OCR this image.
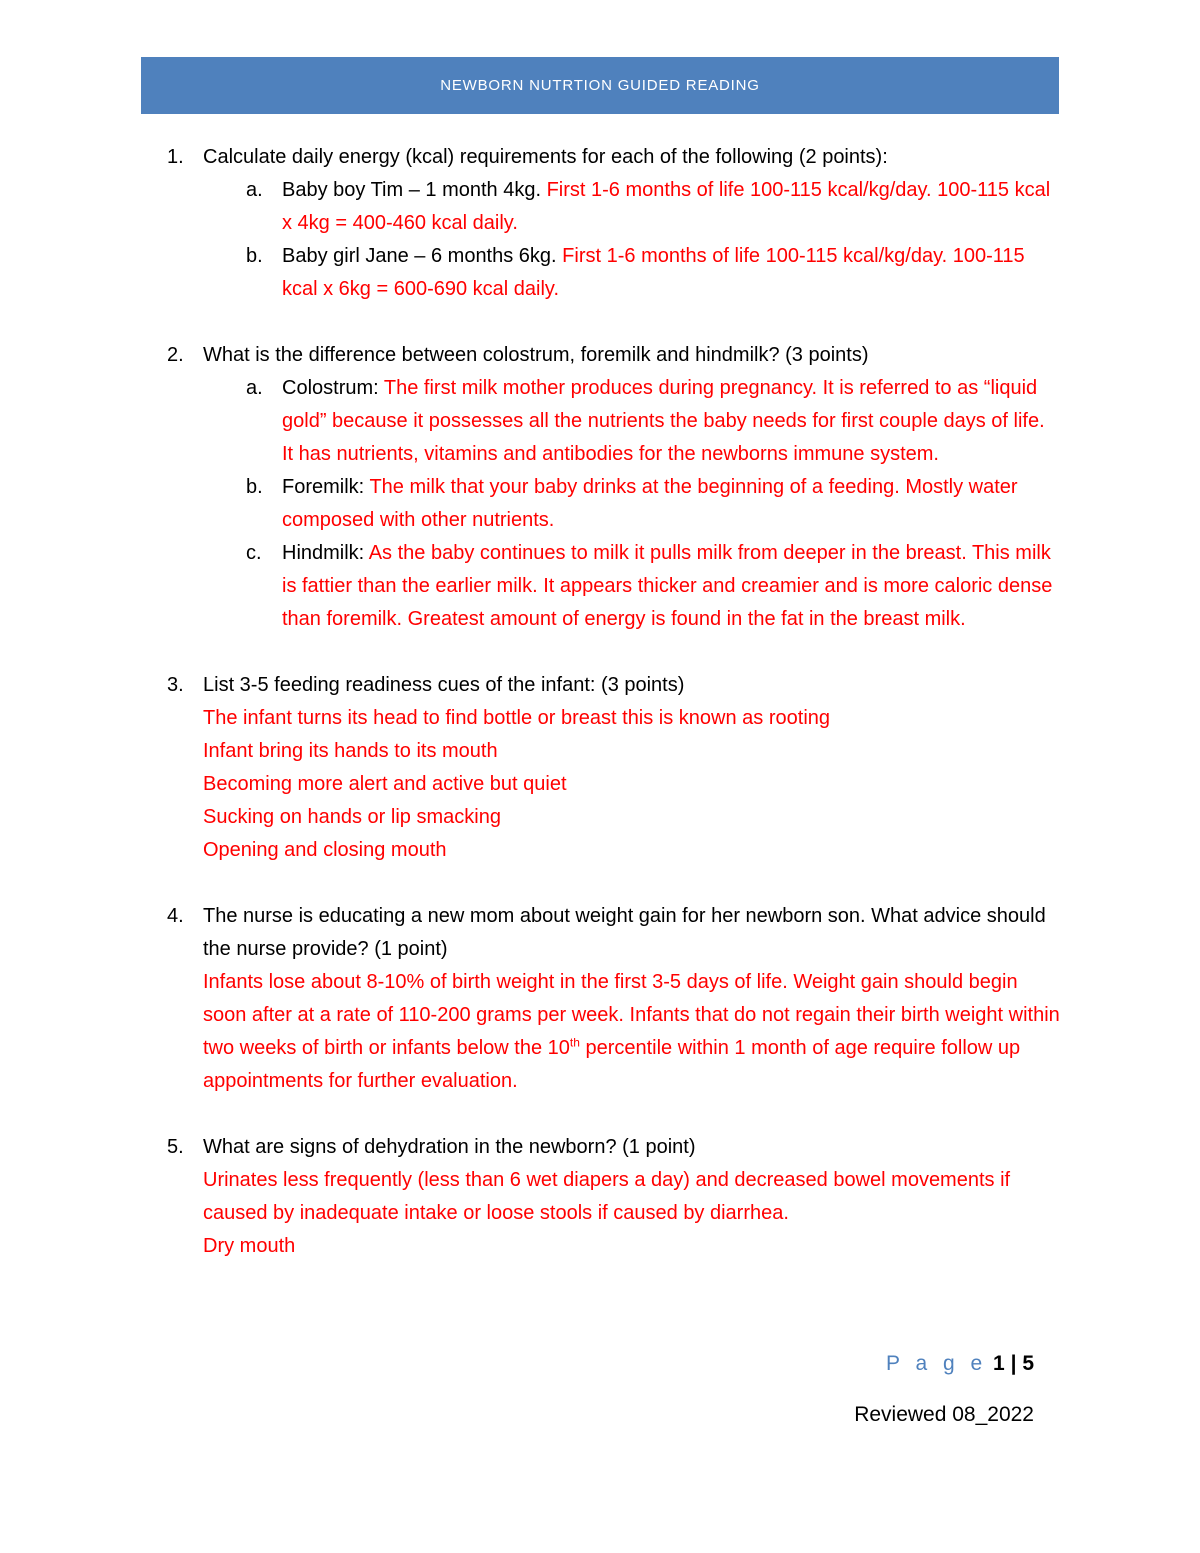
NEWBORN NUTRTION GUIDED READING
1. Calculate daily energy (kcal) requirements for each of the following (2 points):
a. Baby boy Tim – 1 month 4kg. First 1-6 months of life 100-115 kcal/kg/day. 100-115 kcal x 4kg = 400-460 kcal daily.
b. Baby girl Jane – 6 months 6kg. First 1-6 months of life 100-115 kcal/kg/day. 100-115 kcal x 6kg = 600-690 kcal daily.
2. What is the difference between colostrum, foremilk and hindmilk? (3 points)
a. Colostrum: The first milk mother produces during pregnancy. It is referred to as “liquid gold” because it possesses all the nutrients the baby needs for first couple days of life. It has nutrients, vitamins and antibodies for the newborns immune system.
b. Foremilk: The milk that your baby drinks at the beginning of a feeding. Mostly water composed with other nutrients.
c. Hindmilk: As the baby continues to milk it pulls milk from deeper in the breast. This milk is fattier than the earlier milk. It appears thicker and creamier and is more caloric dense than foremilk. Greatest amount of energy is found in the fat in the breast milk.
3. List 3-5 feeding readiness cues of the infant: (3 points)
The infant turns its head to find bottle or breast this is known as rooting
Infant bring its hands to its mouth
Becoming more alert and active but quiet
Sucking on hands or lip smacking
Opening and closing mouth
4. The nurse is educating a new mom about weight gain for her newborn son. What advice should the nurse provide? (1 point)
Infants lose about 8-10% of birth weight in the first 3-5 days of life. Weight gain should begin soon after at a rate of 110-200 grams per week. Infants that do not regain their birth weight within two weeks of birth or infants below the 10th percentile within 1 month of age require follow up appointments for further evaluation.
5. What are signs of dehydration in the newborn? (1 point)
Urinates less frequently (less than 6 wet diapers a day) and decreased bowel movements if caused by inadequate intake or loose stools if caused by diarrhea.
Dry mouth
P a g e 1 | 5
Reviewed 08_2022
